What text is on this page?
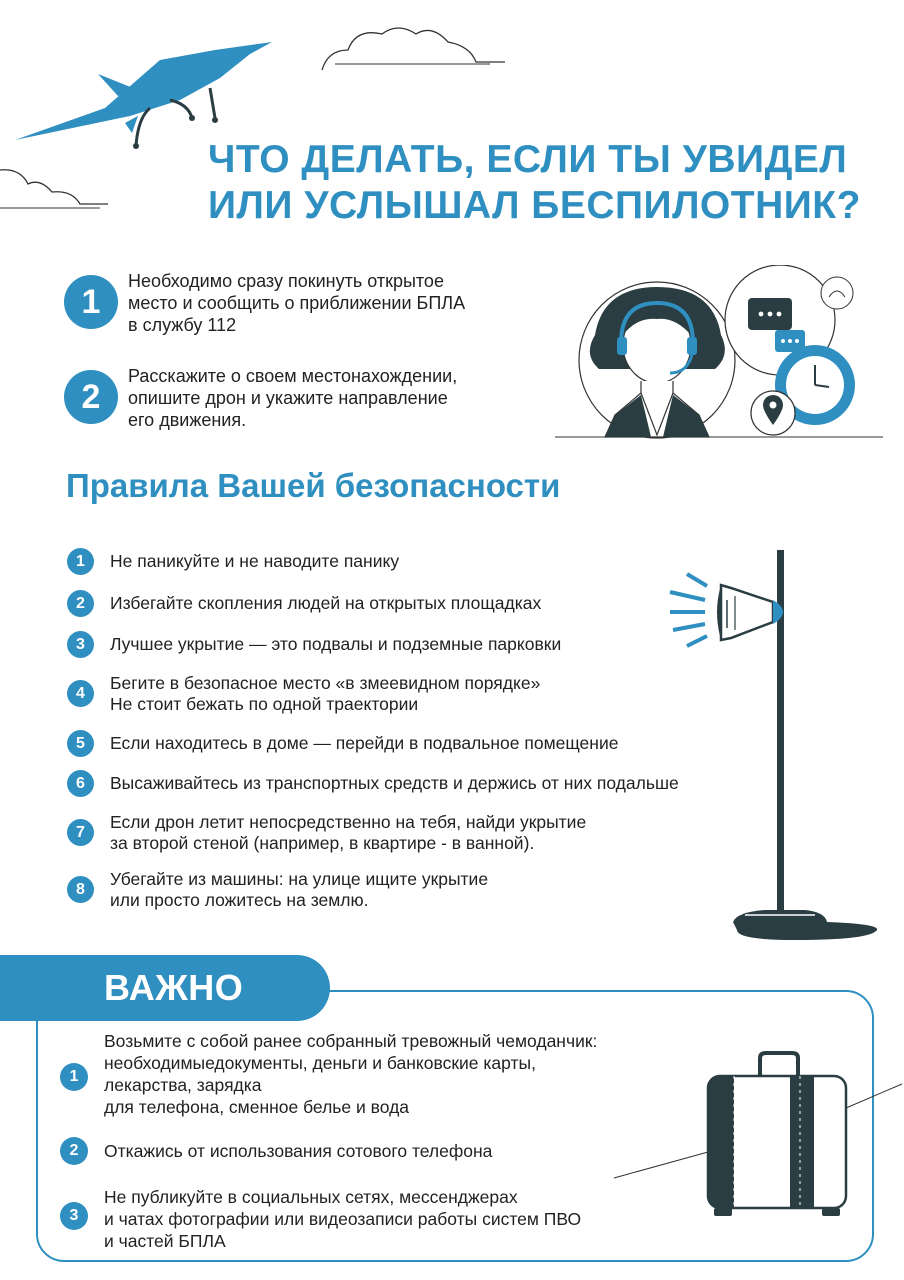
ЧТО ДЕЛАТЬ, ЕСЛИ ТЫ УВИДЕЛ
ИЛИ УСЛЫШАЛ БЕСПИЛОТНИК?
1
Необходимо сразу покинуть открытое
место и сообщить о приближении БПЛА
в службу 112
2
Расскажите о своем местонахождении,
опишите дрон и укажите направление
его движения.
Правила Вашей безопасности
1	Не паникуйте и не наводите панику
2	Избегайте скопления людей на открытых площадках
3	Лучшее укрытие — это подвалы и подземные парковки
4	Бегите в безопасное место «в змеевидном порядке»
Не стоит бежать по одной траектории
5	Если находитесь в доме — перейди в подвальное помещение
6	Высаживайтесь из транспортных средств и держись от них подальше
7	Если дрон летит непосредственно на тебя, найди укрытие
за второй стеной (например, в квартире - в ванной).
8	Убегайте из машины: на улице ищите укрытие
или просто ложитесь на землю.
ВАЖНО
1
Возьмите с собой ранее собранный тревожный чемоданчик:
необходимыедокументы, деньги и банковские карты,
лекарства, зарядка
для телефона, сменное белье и вода
2	Откажись от использования сотового телефона
3
Не публикуйте в социальных сетях, мессенджерах
и чатах фотографии или видеозаписи работы систем ПВО
и частей БПЛА
